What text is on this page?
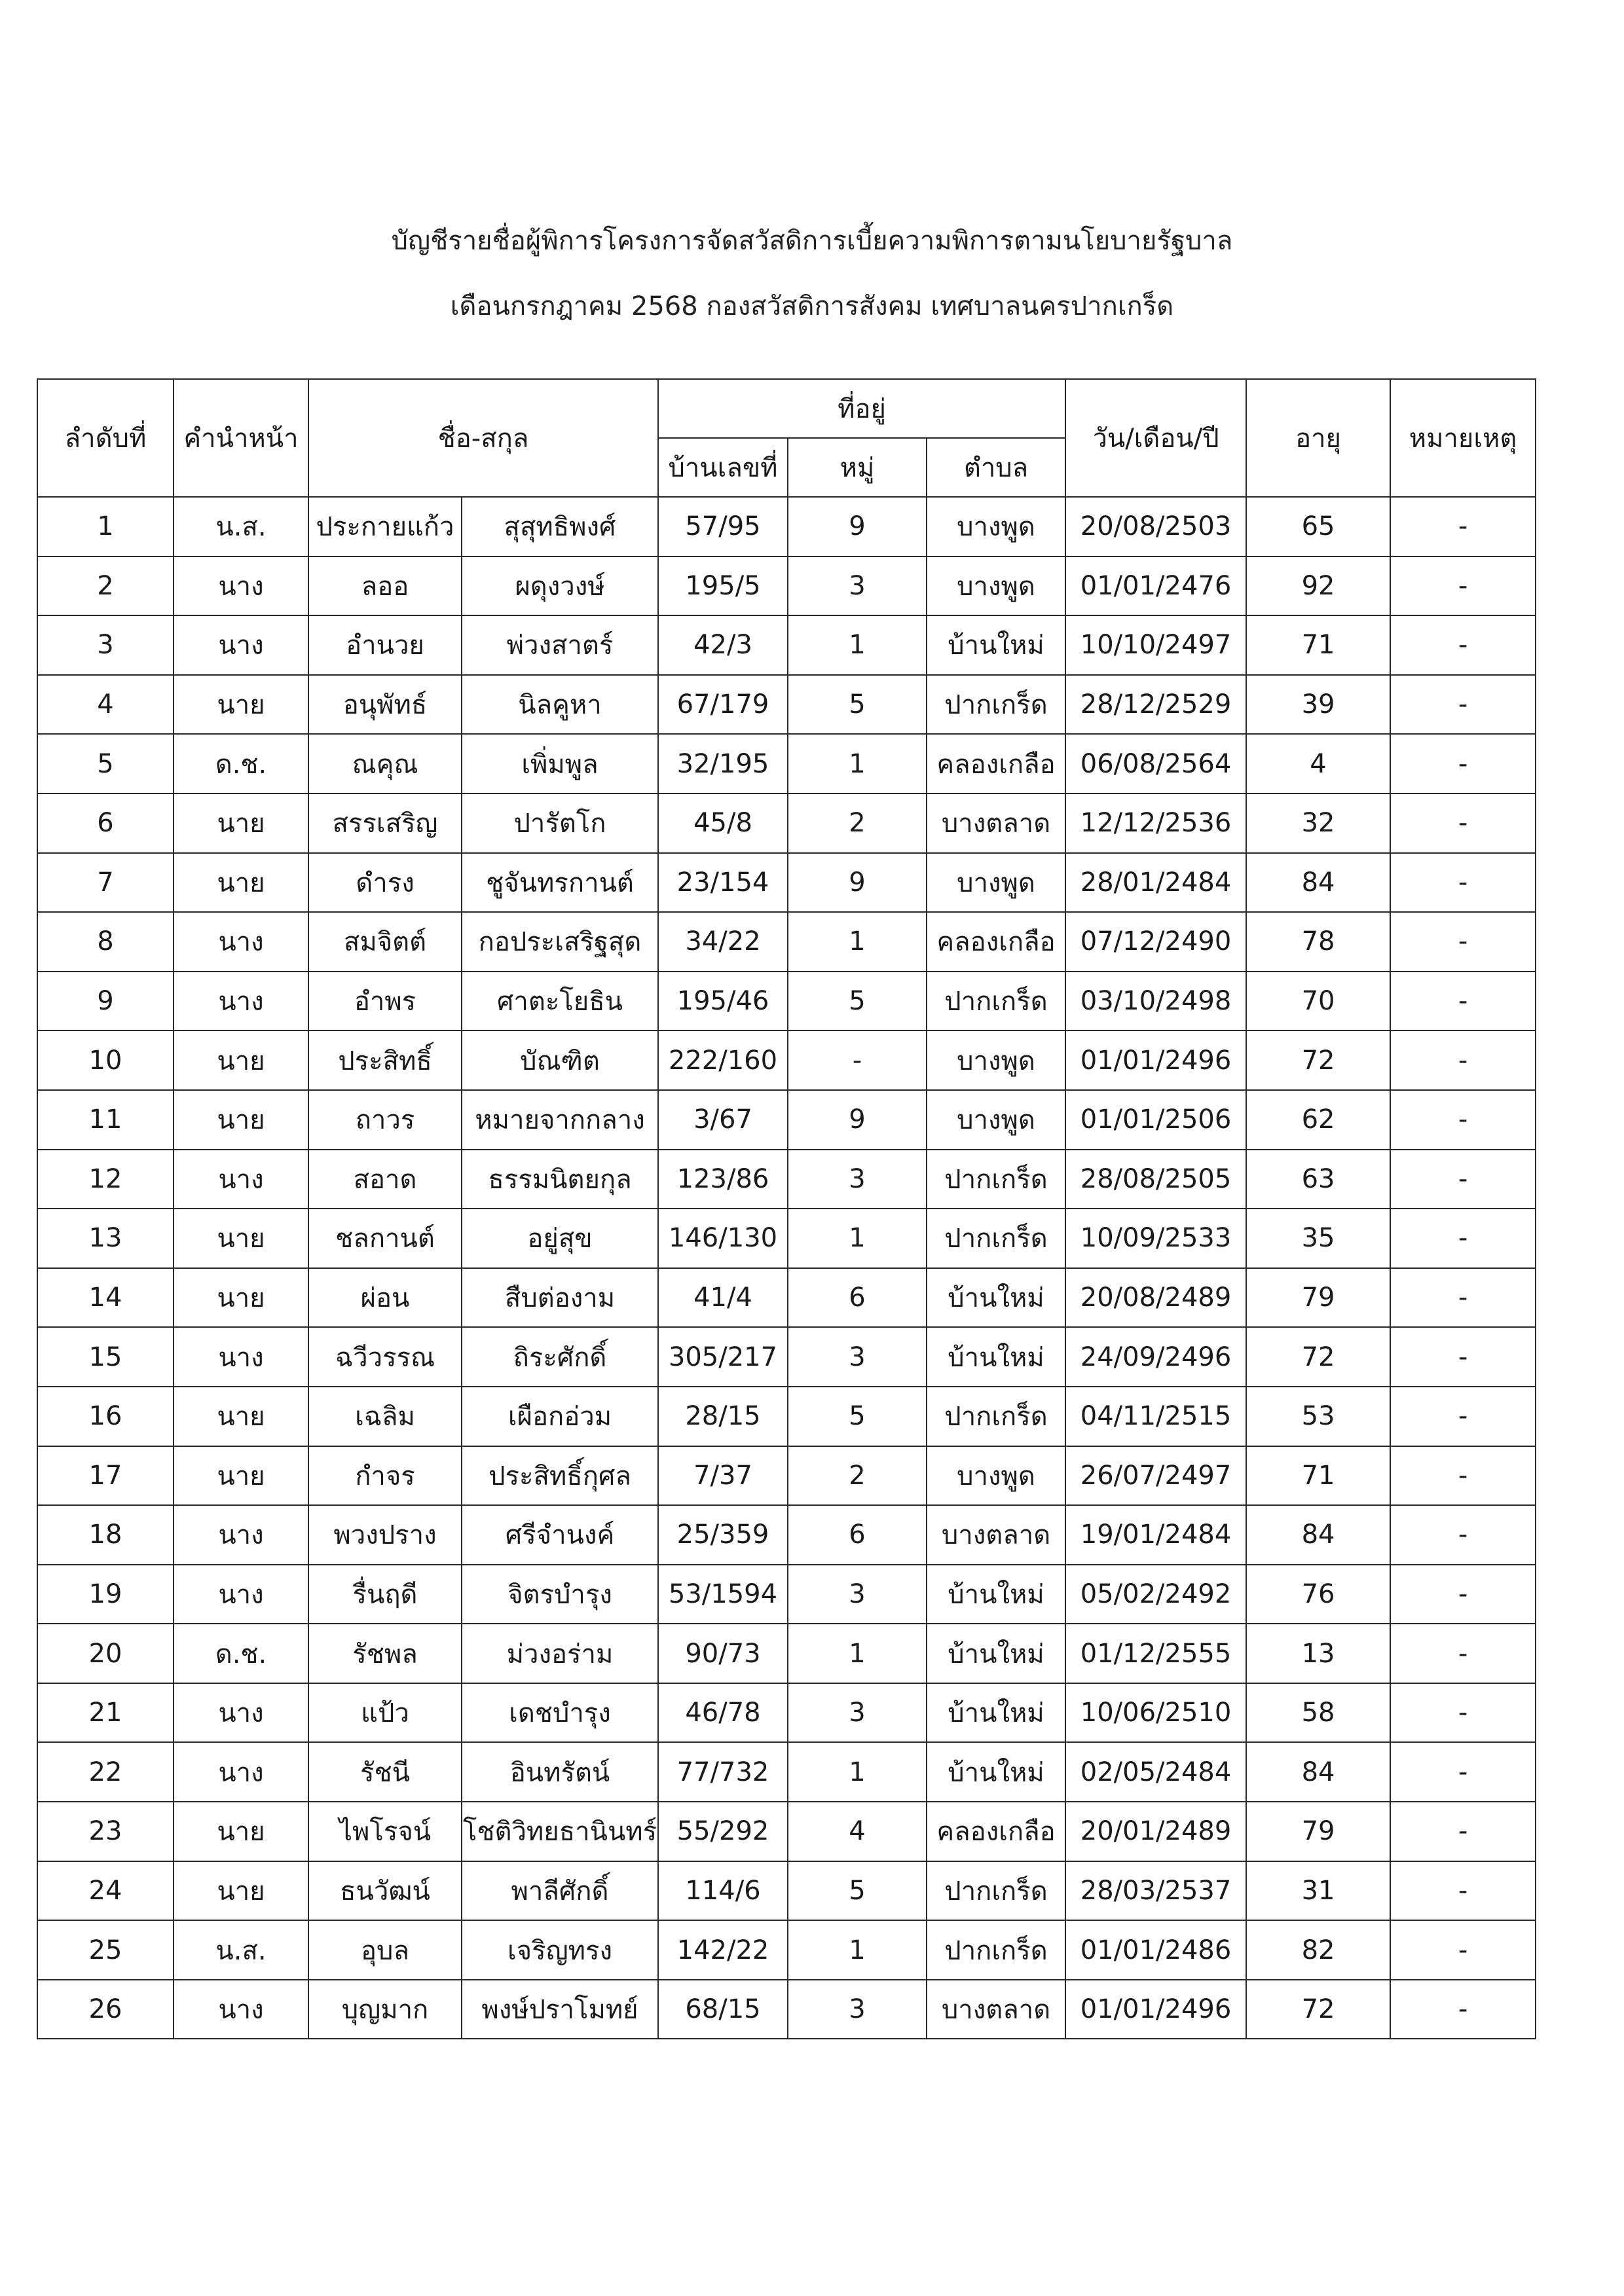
บัญชีรายชื่อผู้พิการโครงการจัดสวัสดิการเบี้ยความพิการตามนโยบายรัฐบาล
เดือนกรกฎาคม 2568 กองสวัสดิการสังคม เทศบาลนครปากเกร็ด
ลำดับที่	คำนำหน้า	ชื่อ-สกุล		ที่อยู่			วัน/เดือน/ปี	อายุ	หมายเหตุ
				บ้านเลขที่	หมู่	ตำบล			
1	น.ส.	ประกายแก้ว	สุสุทธิพงศ์	57/95	9	บางพูด	20/08/2503	65	-
2	นาง	ลออ	ผดุงวงษ์	195/5	3	บางพูด	01/01/2476	92	-
3	นาง	อำนวย	พ่วงสาตร์	42/3	1	บ้านใหม่	10/10/2497	71	-
4	นาย	อนุพัทธ์	นิลคูหา	67/179	5	ปากเกร็ด	28/12/2529	39	-
5	ด.ช.	ณคุณ	เพิ่มพูล	32/195	1	คลองเกลือ	06/08/2564	4	-
6	นาย	สรรเสริญ	ปารัตโก	45/8	2	บางตลาด	12/12/2536	32	-
7	นาย	ดำรง	ชูจันทรกานต์	23/154	9	บางพูด	28/01/2484	84	-
8	นาง	สมจิตต์	กอประเสริฐสุด	34/22	1	คลองเกลือ	07/12/2490	78	-
9	นาง	อำพร	ศาตะโยธิน	195/46	5	ปากเกร็ด	03/10/2498	70	-
10	นาย	ประสิทธิ์	บัณฑิต	222/160	-	บางพูด	01/01/2496	72	-
11	นาย	ถาวร	หมายจากกลาง	3/67	9	บางพูด	01/01/2506	62	-
12	นาง	สอาด	ธรรมนิตยกุล	123/86	3	ปากเกร็ด	28/08/2505	63	-
13	นาย	ชลกานต์	อยู่สุข	146/130	1	ปากเกร็ด	10/09/2533	35	-
14	นาย	ผ่อน	สืบต่องาม	41/4	6	บ้านใหม่	20/08/2489	79	-
15	นาง	ฉวีวรรณ	ถิระศักดิ์	305/217	3	บ้านใหม่	24/09/2496	72	-
16	นาย	เฉลิม	เผือกอ่วม	28/15	5	ปากเกร็ด	04/11/2515	53	-
17	นาย	กำจร	ประสิทธิ์กุศล	7/37	2	บางพูด	26/07/2497	71	-
18	นาง	พวงปราง	ศรีจำนงค์	25/359	6	บางตลาด	19/01/2484	84	-
19	นาง	รื่นฤดี	จิตรบำรุง	53/1594	3	บ้านใหม่	05/02/2492	76	-
20	ด.ช.	รัชพล	ม่วงอร่าม	90/73	1	บ้านใหม่	01/12/2555	13	-
21	นาง	แป้ว	เดชบำรุง	46/78	3	บ้านใหม่	10/06/2510	58	-
22	นาง	รัชนี	อินทรัตน์	77/732	1	บ้านใหม่	02/05/2484	84	-
23	นาย	ไพโรจน์	โชติวิทยธานินทร์	55/292	4	คลองเกลือ	20/01/2489	79	-
24	นาย	ธนวัฒน์	พาลีศักดิ์	114/6	5	ปากเกร็ด	28/03/2537	31	-
25	น.ส.	อุบล	เจริญทรง	142/22	1	ปากเกร็ด	01/01/2486	82	-
26	นาง	บุญมาก	พงษ์ปราโมทย์	68/15	3	บางตลาด	01/01/2496	72	-
